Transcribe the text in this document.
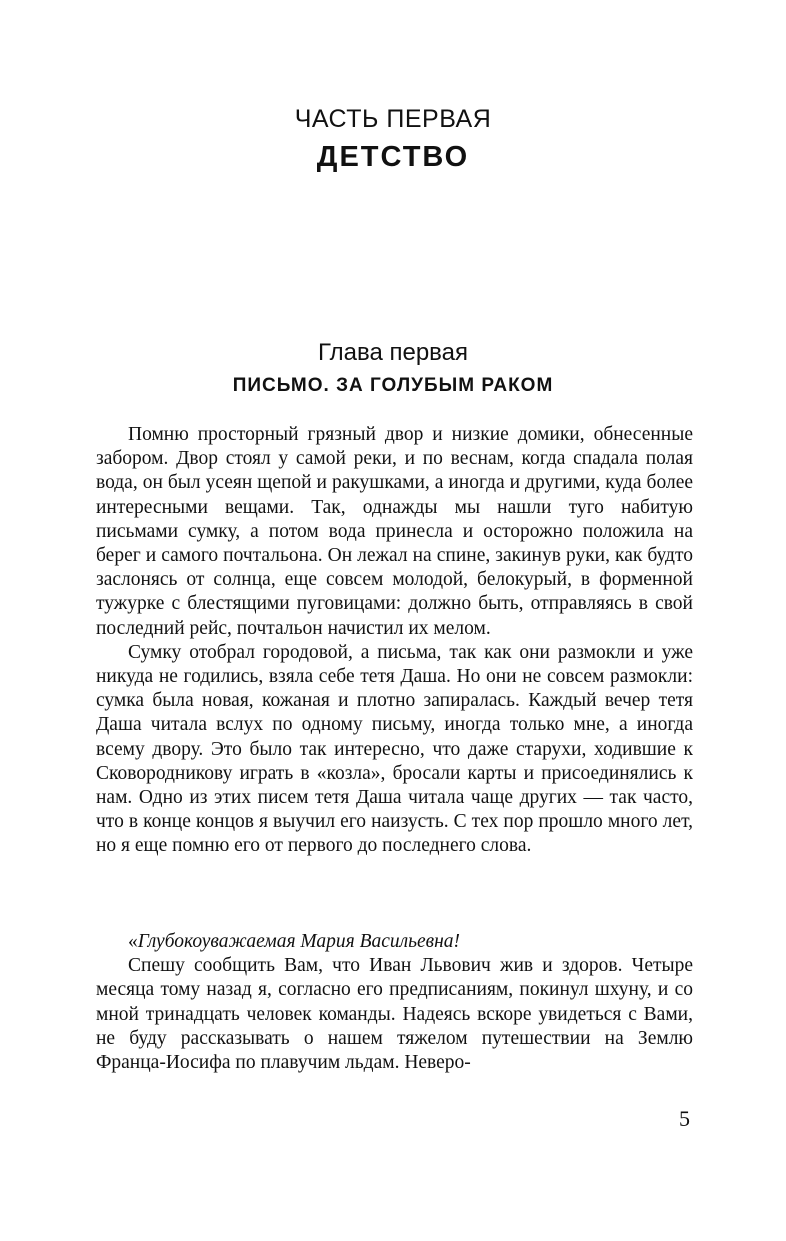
ЧАСТЬ ПЕРВАЯ
ДЕТСТВО
Глава первая
ПИСЬМО. ЗА ГОЛУБЫМ РАКОМ

Помню просторный грязный двор и низкие домики, обнесенные забором. Двор стоял у самой реки, и по веснам, когда спадала полая вода, он был усеян щепой и ракушками, а иногда и другими, куда более интересными вещами. Так, однажды мы нашли туго набитую письмами сумку, а потом вода принесла и осторожно положила на берег и самого почтальона. Он лежал на спине, закинув руки, как будто заслонясь от солнца, еще совсем молодой, белокурый, в форменной тужурке с блестящими пуговицами: должно быть, отправляясь в свой последний рейс, почтальон начистил их мелом.

Сумку отобрал городовой, а письма, так как они размокли и уже никуда не годились, взяла себе тетя Даша. Но они не совсем размокли: сумка была новая, кожаная и плотно запиралась. Каждый вечер тетя Даша читала вслух по одному письму, иногда только мне, а иногда всему двору. Это было так интересно, что даже старухи, ходившие к Сковородникову играть в «козла», бросали карты и присоединялись к нам. Одно из этих писем тетя Даша читала чаще других — так часто, что в конце концов я выучил его наизусть. С тех пор прошло много лет, но я еще помню его от первого до последнего слова.

«Глубокоуважаемая Мария Васильевна!

Спешу сообщить Вам, что Иван Львович жив и здоров. Четыре месяца тому назад я, согласно его предписаниям, покинул шхуну, и со мной тринадцать человек команды. Надеясь вскоре увидеться с Вами, не буду рассказывать о нашем тяжелом путешествии на Землю Франца-Иосифа по плавучим льдам. Неверо-

5
